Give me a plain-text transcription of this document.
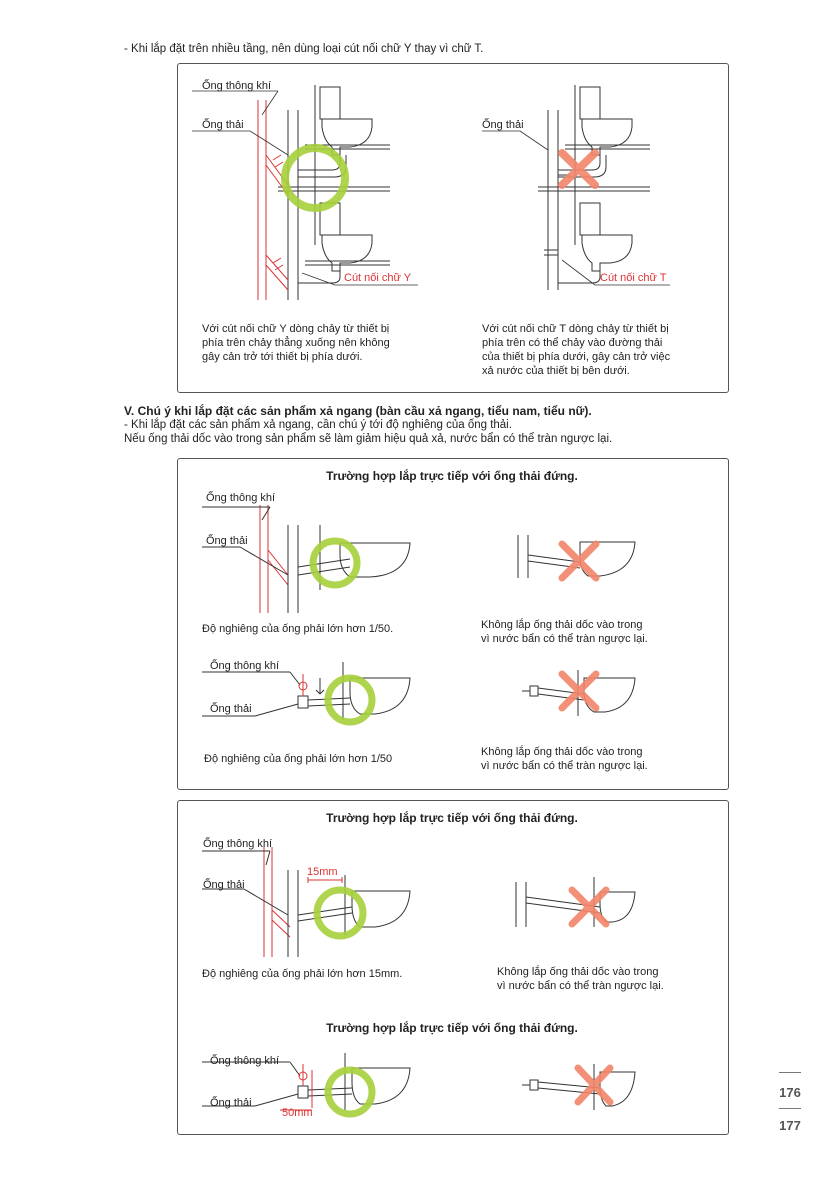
- Khi lắp đặt trên nhiều tầng, nên dùng loại cút nối chữ Y thay vì chữ T.
Ống thông khí
Ống thải
Cút nối chữ Y
Ống thải
Cút nối chữ T
Với cút nối chữ Y dòng chảy từ thiết bị
phía trên chảy thẳng xuống nên không
gây cản trở tới thiết bị phía dưới.
Với cút nối chữ T dòng chảy từ thiết bị
phía trên có thể chảy vào đường thải
của thiết bị phía dưới, gây cản trở việc
xả nước của thiết bị bên dưới.
V. Chú ý khi lắp đặt các sản phẩm xả ngang (bàn cầu xả ngang, tiểu nam, tiểu nữ).
- Khi lắp đặt các sản phẩm xả ngang, cần chú ý tới độ nghiêng của ống thải.
Nếu ống thải dốc vào trong sản phẩm sẽ làm giảm hiệu quả xả, nước bẩn có thể tràn ngược lại.
Trường hợp lắp trực tiếp với ống thải đứng.
Ống thông khí
Ống thải
Độ nghiêng của ống phải lớn hơn 1/50.	Không lắp ống thải dốc vào trong
vì nước bẩn có thể tràn ngược lại.
Ống thông khí
Ống thải
Độ nghiêng của ống phải lớn hơn 1/50
Không lắp ống thải dốc vào trong
vì nước bẩn có thể tràn ngược lại.
Trường hợp lắp trực tiếp với ống thải đứng.
Ống thông khí
Ống thải
15mm
Độ nghiêng của ống phải lớn hơn 15mm.	Không lắp ống thải dốc vào trong
vì nước bẩn có thể tràn ngược lại.
Trường hợp lắp trực tiếp với ống thải đứng.
Ống thông khí
Ống thải
50mm
176
177
